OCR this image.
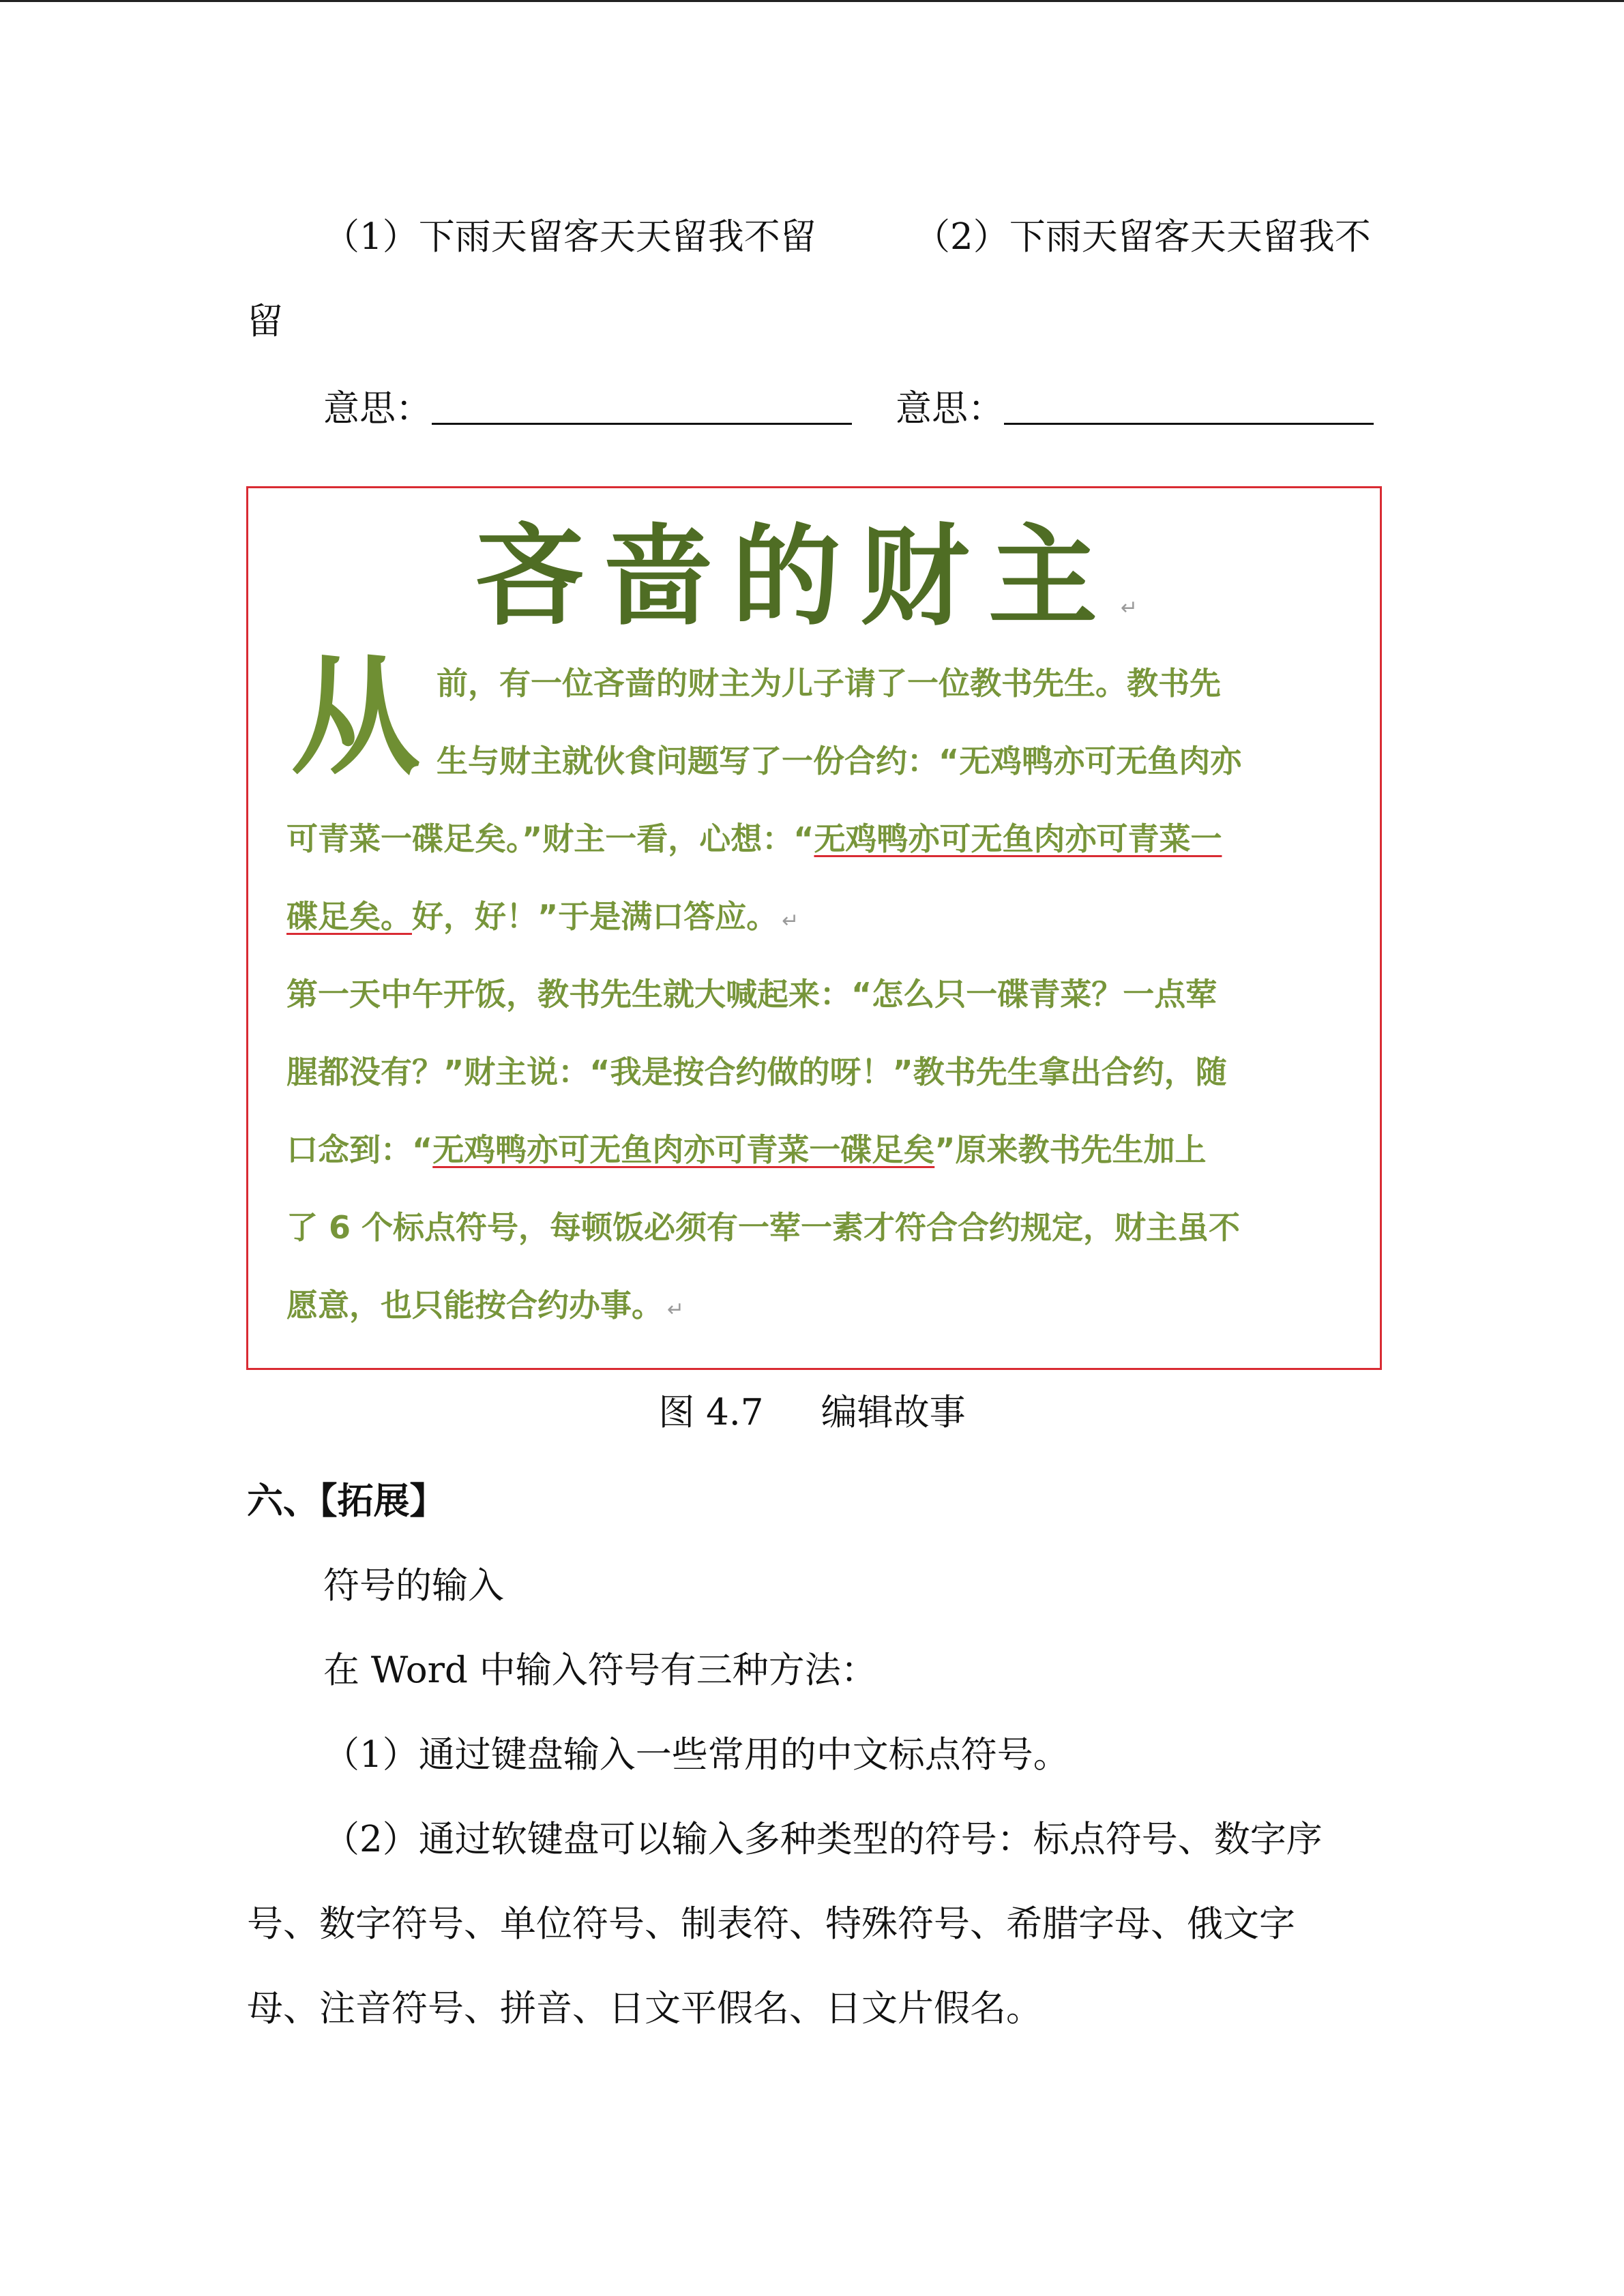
（1）下雨天留客天天留我不留	（2）下雨天留客天天留我不
留
意思：	意思：
吝啬的财主 ↵
从 前，有一位吝啬的财主为儿子请了一位教书先生。教书先
生与财主就伙食问题写了一份合约：“无鸡鸭亦可无鱼肉亦
可青菜一碟足矣。”财主一看，心想：“无鸡鸭亦可无鱼肉亦可青菜一
碟足矣。好，好！”于是满口答应。 ↵
第一天中午开饭，教书先生就大喊起来：“怎么只一碟青菜？一点荤
腥都没有？”财主说：“我是按合约做的呀！”教书先生拿出合约，随
口念到：“无鸡鸭亦可无鱼肉亦可青菜一碟足矣”原来教书先生加上
了 6 个标点符号，每顿饭必须有一荤一素才符合合约规定，财主虽不
愿意，也只能按合约办事。 ↵
图 4.7     编辑故事
六、【拓展】
符号的输入
在 Word 中输入符号有三种方法：
（1）通过键盘输入一些常用的中文标点符号。
（2）通过软键盘可以输入多种类型的符号：标点符号、数字序
号、数字符号、单位符号、制表符、特殊符号、希腊字母、俄文字
母、注音符号、拼音、日文平假名、日文片假名。
